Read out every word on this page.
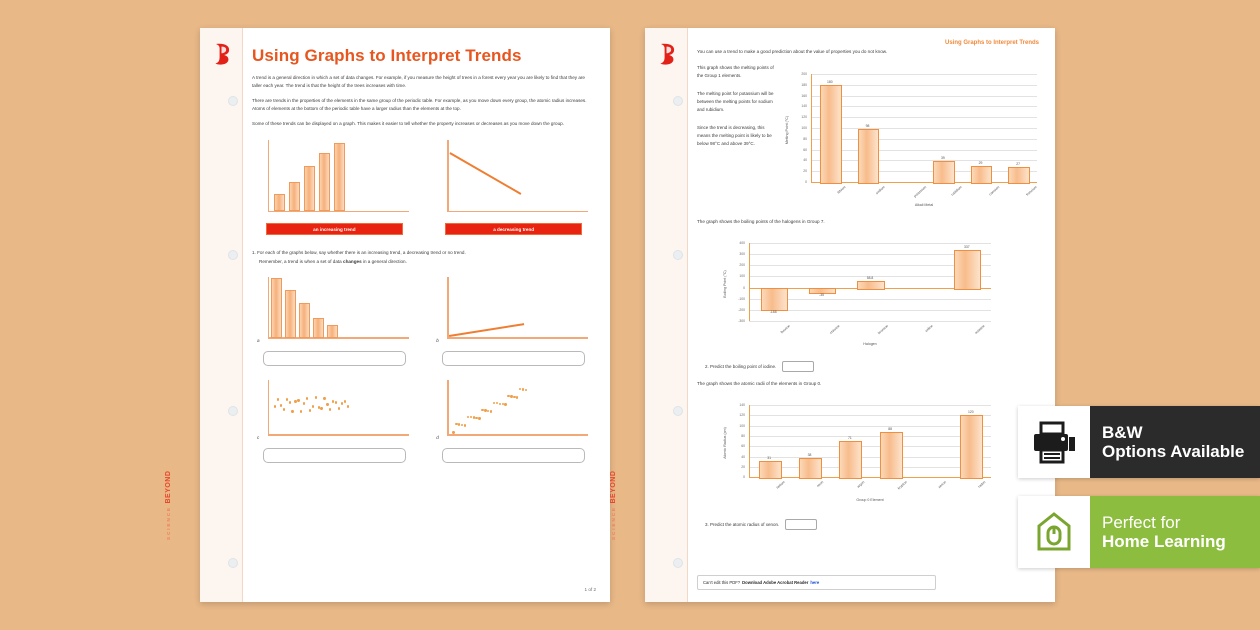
SCIENCE BEYOND
Using Graphs to Interpret Trends

A trend is a general direction in which a set of data changes. For example, if you measure the height of trees in a forest every year you are likely to find that they are taller each year. The trend is that the height of the trees increases with time.

There are trends in the properties of the elements in the same group of the periodic table. For example, as you move down every group, the atomic radius increases. Atoms of elements at the bottom of the periodic table have a larger radius than the elements at the top.

Some of these trends can be displayed on a graph. This makes it easier to tell whether the property increases or decreases as you move down the group.

an increasing trend	a decreasing trend

1. For each of the graphs below, say whether there is an increasing trend, a decreasing trend or no trend.

Remember, a trend is when a set of data changes in a general direction.

a	b
c	d
1 of 2
SCIENCE BEYOND
Using Graphs to Interpret Trends

You can use a trend to make a good prediction about the value of properties you do not know.

This graph shows the melting points of the Group 1 elements.

The melting point for potassium will be between the melting points for sodium and rubidium.

Since the trend is decreasing, this means the melting point is likely to be below 98°C and above 39°C.

0
20
40
60
80
100
120
140
160
180
200
180
lithium
98
sodium	potassium
39
rubidium
29
caesium
27
francium
Alkali Metal
Melting Point (°C)

The graph shows the boiling points of the halogens in Group 7.

-300
-200
-100
0
100
200
300
400
-188
fluorine
-35
chlorine
58.8
bromine	iodine
337
astatine
Halogen
Boiling Point (°C)
2. Predict the boiling point of iodine.

The graph shows the atomic radii of the elements in Group 0.

0
20
40
60
80
100
120
140
31
helium
38
neon
71
argon
88
krypton	xenon
120
radon
Group 0 Element
Atomic Radius (pm)
3. Predict the atomic radius of xenon.
Can't edit this PDF? Download Adobe Acrobat Reader here
B&W
Options Available
Perfect for
Home Learning
